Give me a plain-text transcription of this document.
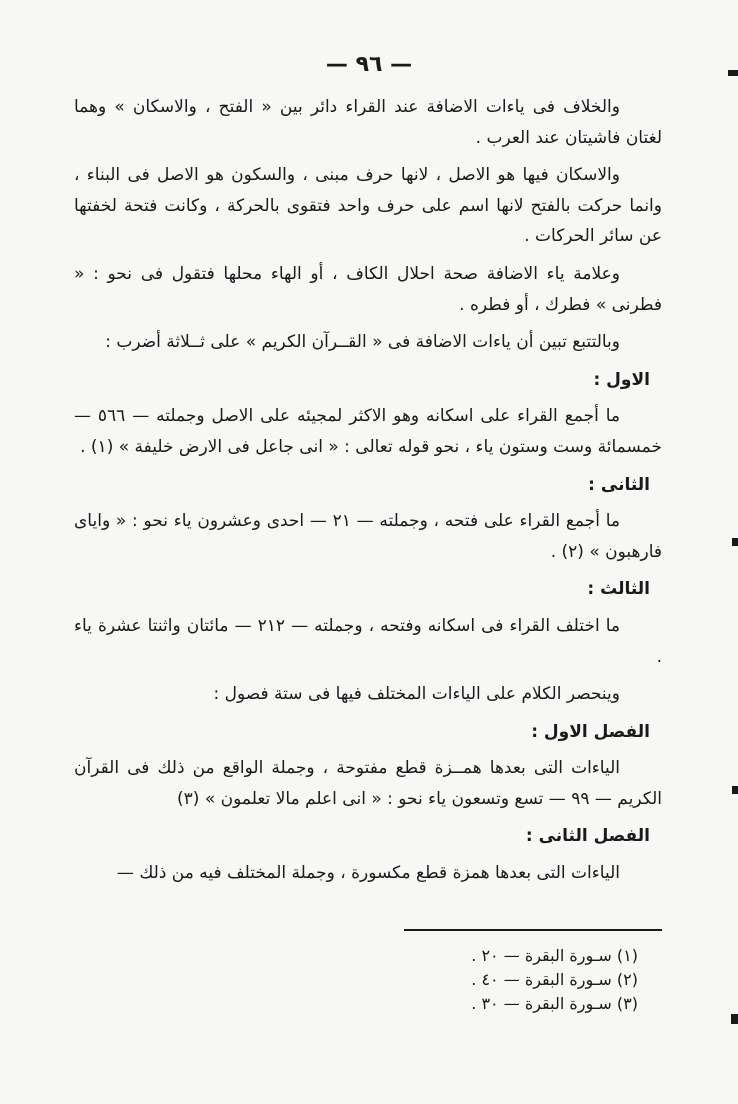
— ٩٦ —

والخلاف فى ياءات الاضافة عند القراء دائر بين « الفتح ، والاسكان » وهما لغتان فاشيتان عند العرب .

والاسكان فيها هو الاصل ، لانها حرف مبنى ، والسكون هو الاصل فى البناء ، وانما حركت بالفتح لانها اسم على حرف واحد فتقوى بالحركة ، وكانت فتحة لخفتها عن سائر الحركات .

وعلامة ياء الاضافة صحة احلال الكاف ، أو الهاء محلها فتقول فى نحو : « فطرنى » فطرك ، أو فطره .

وبالتتبع تبين أن ياءات الاضافة فى « القــرآن الكريم » على ثــلاثة أضرب :

الاول :

ما أجمع القراء على اسكانه وهو الاكثر لمجيئه على الاصل وجملته — ٥٦٦ — خمسمائة وست وستون ياء ، نحو قوله تعالى : « انى جاعل فى الارض خليفة » (١) .

الثانى :

ما أجمع القراء على فتحه ، وجملته — ٢١ — احدى وعشرون ياء نحو : « واياى فارهبون » (٢) .

الثالث :

ما اختلف القراء فى اسكانه وفتحه ، وجملته — ٢١٢ — مائتان واثنتا عشرة ياء .

وينحصر الكلام على الياءات المختلف فيها فى ستة فصول :

الفصل الاول :

الياءات التى بعدها همــزة قطع مفتوحة ، وجملة الواقع من ذلك فى القرآن الكريم — ٩٩ — تسع وتسعون ياء نحو : « انى اعلم مالا تعلمون » (٣)

الفصل الثانى :

الياءات التى بعدها همزة قطع مكسورة ، وجملة المختلف فيه من ذلك —

(١) سـورة البقرة — ٢٠ .
(٢) سـورة البقرة — ٤٠ .
(٣) سـورة البقرة — ٣٠ .
